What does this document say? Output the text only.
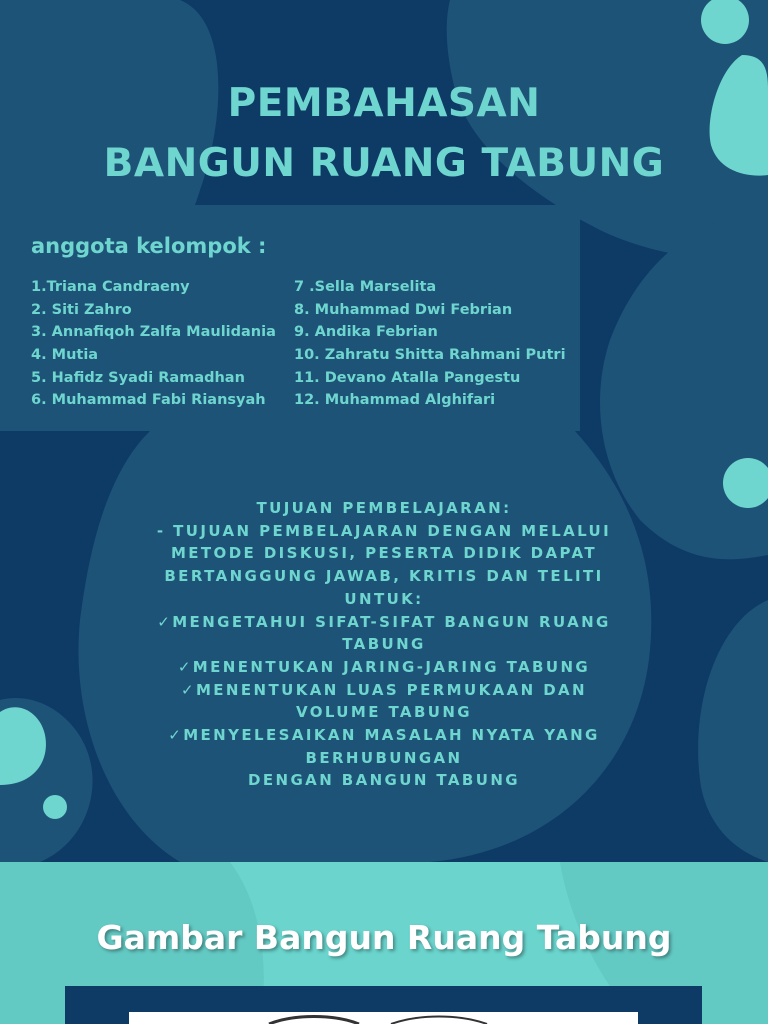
PEMBAHASAN
BANGUN RUANG TABUNG
anggota kelompok :
1.Triana Candraeny
2. Siti Zahro
3. Annafiqoh Zalfa Maulidania
4. Mutia
5. Hafidz Syadi Ramadhan
6. Muhammad Fabi Riansyah
7 .Sella Marselita
8. Muhammad Dwi Febrian
9. Andika Febrian
10. Zahratu Shitta Rahmani Putri
11. Devano Atalla Pangestu
12. Muhammad Alghifari
TUJUAN PEMBELAJARAN:
- TUJUAN PEMBELAJARAN DENGAN MELALUI
METODE DISKUSI, PESERTA DIDIK DAPAT
BERTANGGUNG JAWAB, KRITIS DAN TELITI
UNTUK:
✓MENGETAHUI SIFAT-SIFAT BANGUN RUANG
TABUNG
✓MENENTUKAN JARING-JARING TABUNG
✓MENENTUKAN LUAS PERMUKAAN DAN
VOLUME TABUNG
✓MENYELESAIKAN MASALAH NYATA YANG
BERHUBUNGAN
DENGAN BANGUN TABUNG
Gambar Bangun Ruang Tabung
